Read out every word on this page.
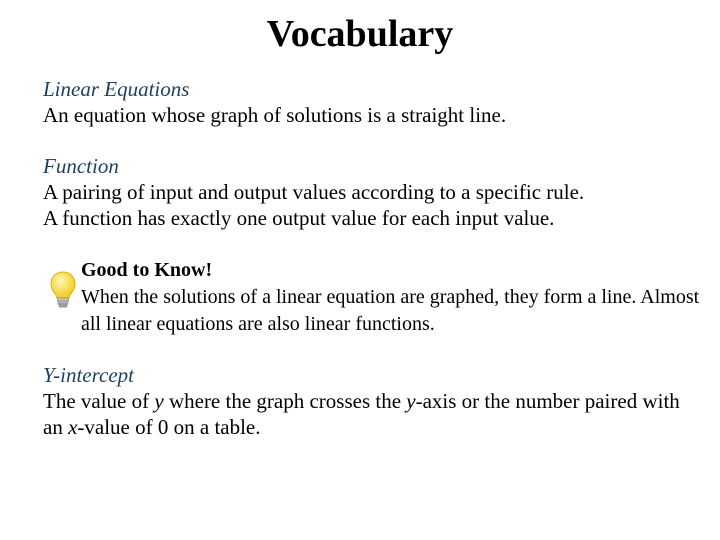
Vocabulary
Linear Equations
An equation whose graph of solutions is a straight line.
Function
A pairing of input and output values according to a specific rule.
A function has exactly one output value for each input value.
Good to Know!
When the solutions of a linear equation are graphed, they form a line. Almost all linear equations are also linear functions.
Y-intercept
The value of y where the graph crosses the y-axis or the number paired with an x-value of 0 on a table.
